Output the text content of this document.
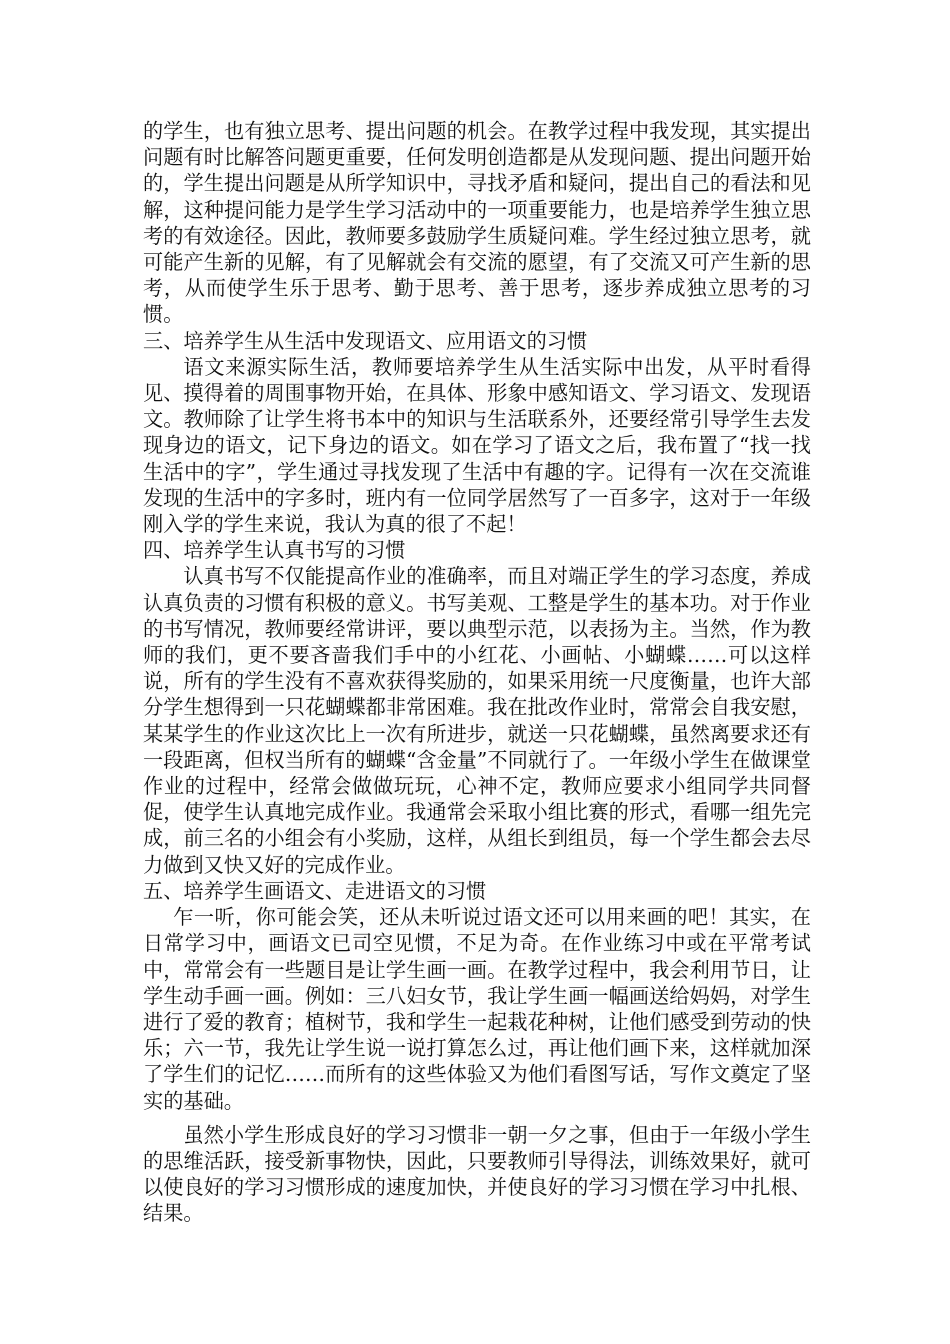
的学生，也有独立思考、提出问题的机会。在教学过程中我发现，其实提出问题有时比解答问题更重要，任何发明创造都是从发现问题、提出问题开始的，学生提出问题是从所学知识中，寻找矛盾和疑问，提出自己的看法和见解，这种提问能力是学生学习活动中的一项重要能力，也是培养学生独立思考的有效途径。因此，教师要多鼓励学生质疑问难。学生经过独立思考，就可能产生新的见解，有了见解就会有交流的愿望，有了交流又可产生新的思考，从而使学生乐于思考、勤于思考、善于思考，逐步养成独立思考的习惯。

三、培养学生从生活中发现语文、应用语文的习惯

语文来源实际生活，教师要培养学生从生活实际中出发，从平时看得见、摸得着的周围事物开始，在具体、形象中感知语文、学习语文、发现语文。教师除了让学生将书本中的知识与生活联系外，还要经常引导学生去发现身边的语文，记下身边的语文。如在学习了语文之后，我布置了“找一找生活中的字”，学生通过寻找发现了生活中有趣的字。记得有一次在交流谁发现的生活中的字多时，班内有一位同学居然写了一百多字，这对于一年级刚入学的学生来说，我认为真的很了不起！

四、培养学生认真书写的习惯

认真书写不仅能提高作业的准确率，而且对端正学生的学习态度，养成认真负责的习惯有积极的意义。书写美观、工整是学生的基本功。对于作业的书写情况，教师要经常讲评，要以典型示范，以表扬为主。当然，作为教师的我们，更不要吝啬我们手中的小红花、小画帖、小蝴蝶……可以这样说，所有的学生没有不喜欢获得奖励的，如果采用统一尺度衡量，也许大部分学生想得到一只花蝴蝶都非常困难。我在批改作业时，常常会自我安慰，某某学生的作业这次比上一次有所进步，就送一只花蝴蝶，虽然离要求还有一段距离，但权当所有的蝴蝶“含金量”不同就行了。一年级小学生在做课堂作业的过程中，经常会做做玩玩，心神不定，教师应要求小组同学共同督促，使学生认真地完成作业。我通常会采取小组比赛的形式，看哪一组先完成，前三名的小组会有小奖励，这样，从组长到组员，每一个学生都会去尽力做到又快又好的完成作业。

五、培养学生画语文、走进语文的习惯

乍一听，你可能会笑，还从未听说过语文还可以用来画的吧！其实，在日常学习中，画语文已司空见惯，不足为奇。在作业练习中或在平常考试中，常常会有一些题目是让学生画一画。在教学过程中，我会利用节日，让学生动手画一画。例如：三八妇女节，我让学生画一幅画送给妈妈，对学生进行了爱的教育；植树节，我和学生一起栽花种树，让他们感受到劳动的快乐；六一节，我先让学生说一说打算怎么过，再让他们画下来，这样就加深了学生们的记忆……而所有的这些体验又为他们看图写话，写作文奠定了坚实的基础。

虽然小学生形成良好的学习习惯非一朝一夕之事，但由于一年级小学生的思维活跃，接受新事物快，因此，只要教师引导得法，训练效果好，就可以使良好的学习习惯形成的速度加快，并使良好的学习习惯在学习中扎根、结果。
